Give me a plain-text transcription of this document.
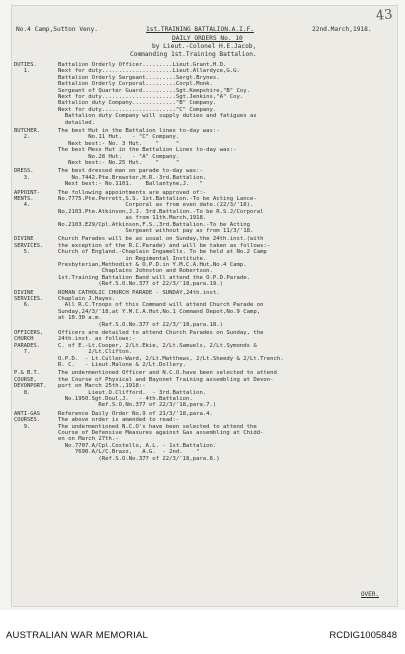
43
No.4 Camp,Sutton Veny.	1st.TRAINING BATTALION.A.I.F.	22nd.March,1918.
DAILY ORDERS No. 10
by Lieut.-Colonel H.E.Jacob,
Commanding 1st.Training Battalion.
DUTIES.
1.
Battalion Orderly Officer.........Lieut.Grant,H.D.
Next for duty.....................Lieut.Allardyce,G.G.
Battalion Orderly Sergeant.........Sergt.Brynes.
Battalion Orderly Corporal.........Corpl.Monk.
Sergeant of Quarter Guard..........Sgt.Kempshire,"B" Coy.
Next for duty......................Sgt.Jenkins,"A" Coy.
Battalion duty Company............."B" Company.
Next for duty......................"C" Company.
Battalion duty Company will supply duties and fatigues as
detailed.
BUTCHER.
2.
The best Hut in the Battalion lines to-day was:-
No.11 Hut.   - "C" Company.
Next best:- No. 3 Hut.    "     "
The best Mess Hut in the Battalion Lines to-day was:-
No.28 Hut.   - "A" Company.
Next best:- No.25 Hut.    "     "
DRESS.
3.
The best dressed man on parade to-day was:-
No.7442.Pte.Brewster,H.R.-3rd.Battalion.
Next best:- No.1101.    Ballantyne,J.   "
APPOINT-
MENTS.
4.
The following appointments are approved of:-
No.7775.Pte.Perrett,S.S. 1st.Battalion.-To be Acting Lance-
Corporal as from even date.(22/3/'18).
No.2103.Pte.Atkinson,J.J. 3rd.Battalion.-To be R.S.J/Corporal
as from 11th.March,1918.
No.2103.E29/Cpl.Atkinson,F.S.,3rd.Battalion.-To be Acting
Sergeant without pay as from 11/3/'18.
DIVINE
SERVICES.
5.
Church Parades will be as usual on Sunday,the 24th.inst.(with
the exception of the R.C.Parade) and will be taken as follows:-
Church of England.-Chaplain Ingamells. To be held at No.2 Camp
in Regimental Institute.
Presbyterian,Methodist & O.P.D.in Y.M.C.A.Hut,No.4 Camp.
Chaplains Johnston and Robertson.
1st.Training Battalion Band will attend the O.P.D.Parade.
(Ref.S.O.No.377 of 22/3/'18,para.19.)
DIVINE
SERVICES.
6.
ROMAN CATHOLIC CHURCH PARADE - SUNDAY,24th.inst.
Chaplain J.Hayes.
All R.C.Troops of this Command will attend Church Parade on
Sunday,24/3/'18,at Y.M.C.A.Hut,No.1 Command Depot,No.9 Camp,
at 10.30 a.m.
(Ref.S.O.No.377 of 22/3/'18,para.18.)
OFFICERS,
CHURCH
PARADES.
7.
Officers are detailed to attend Church Parades on Sunday, the
24th.inst. as follows:-
C. of E.-Lt.Cooper, 2/Lt.Ekie, 2/Lt.Samuels, 2/Lt.Symonds &
2/Lt.Clifton.
O.P.D.  - Lt.Cullen-Ward, 2/Lt.Matthews, 2/Lt.Sheedy & 2/Lt.Trench.
R. C.   - Lieut.Malone & 2/Lt.Dollery.
P.& B.T.
COURSE,
DEVONPORT.
8.
The undermentioned Officer and N.C.O.have been selected to attend
the Course of Physical and Bayonet Training assembling at Devon-
port on March 25th.,1918:-
Lieut.O.Clifford.  - 3rd.Battalion.
No.1950.Sgt.Doul,J.   - 4th.Battalion.
Ref.S.O.No.377 of 22/3/'18,para.7.)
ANTI-GAS
COURSES.
9.
Reference Daily Order No.9 of 21/3/'18,para.4.
The above order is amended to read:-
The undermentioned N.C.O's have been selected to attend the
Course of Defensive Measures against Gas assembling at Chidd-
en on March 27th.-
No.7707.A/Cpl.Costello, A.L. - 1st.Battalion.
7690.A/L/C.Brazz,   A.G.  - 2nd.    "
(Ref.S.O.No.377 of 22/3/'18,para.8.)
OVER.
AUSTRALIAN WAR MEMORIAL	RCDIG1005848
